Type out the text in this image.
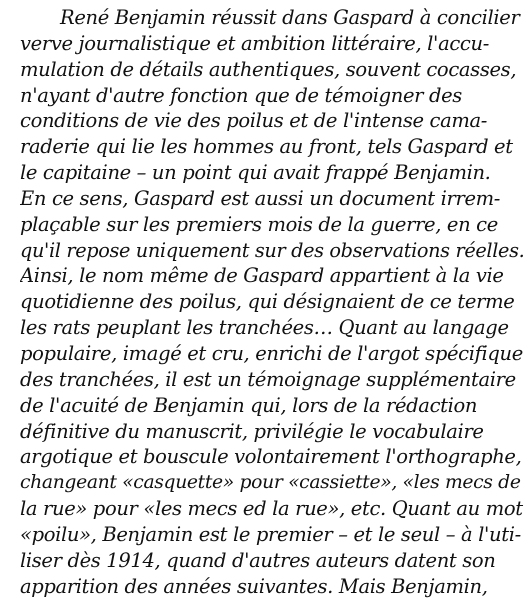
René Benjamin réussit dans Gaspard à concilier
verve journalistique et ambition littéraire, l'accu-
mulation de détails authentiques, souvent cocasses,
n'ayant d'autre fonction que de témoigner des
conditions de vie des poilus et de l'intense cama-
raderie qui lie les hommes au front, tels Gaspard et
le capitaine – un point qui avait frappé Benjamin.
En ce sens, Gaspard est aussi un document irrem-
plaçable sur les premiers mois de la guerre, en ce
qu'il repose uniquement sur des observations réelles.
Ainsi, le nom même de Gaspard appartient à la vie
quotidienne des poilus, qui désignaient de ce terme
les rats peuplant les tranchées… Quant au langage
populaire, imagé et cru, enrichi de l'argot spécifique
des tranchées, il est un témoignage supplémentaire
de l'acuité de Benjamin qui, lors de la rédaction
définitive du manuscrit, privilégie le vocabulaire
argotique et bouscule volontairement l'orthographe,
changeant «casquette» pour «cassiette», «les mecs de
la rue» pour «les mecs ed la rue», etc. Quant au mot
«poilu», Benjamin est le premier – et le seul – à l'uti-
liser dès 1914, quand d'autres auteurs datent son
apparition des années suivantes. Mais Benjamin,
